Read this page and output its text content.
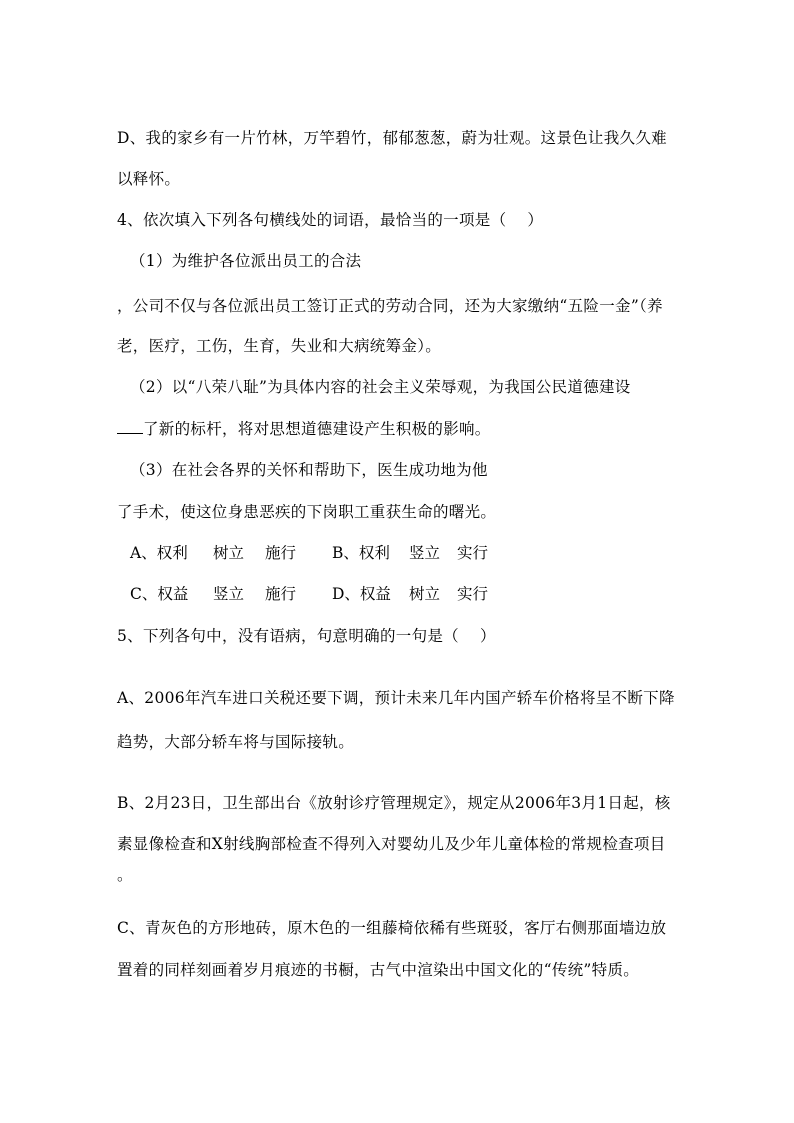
D、我的家乡有一片竹林，万竿碧竹，郁郁葱葱，蔚为壮观。这景色让我久久难
以释怀。
4、依次填入下列各句横线处的词语，最恰当的一项是（　 ）
（1）为维护各位派出员工的合法
，公司不仅与各位派出员工签订正式的劳动合同，还为大家缴纳“五险一金”（养
老，医疗，工伤，生育，失业和大病统筹金）。
（2）以“八荣八耻”为具体内容的社会主义荣辱观，为我国公民道德建设
了新的标杆，将对思想道德建设产生积极的影响。
（3）在社会各界的关怀和帮助下，医生成功地为他
了手术，使这位身患恶疾的下岗职工重获生命的曙光。
A、权利 树立 施行 B、权利 竖立 实行
C、权益 竖立 施行 D、权益 树立 实行
5、下列各句中，没有语病，句意明确的一句是（　 ）
A、2006年汽车进口关税还要下调，预计未来几年内国产轿车价格将呈不断下降
趋势，大部分轿车将与国际接轨。
B、2月23日，卫生部出台《放射诊疗管理规定》，规定从2006年3月1日起，核
素显像检查和X射线胸部检查不得列入对婴幼儿及少年儿童体检的常规检查项目
。
C、青灰色的方形地砖，原木色的一组藤椅依稀有些斑驳，客厅右侧那面墙边放
置着的同样刻画着岁月痕迹的书橱，古气中渲染出中国文化的“传统”特质。
